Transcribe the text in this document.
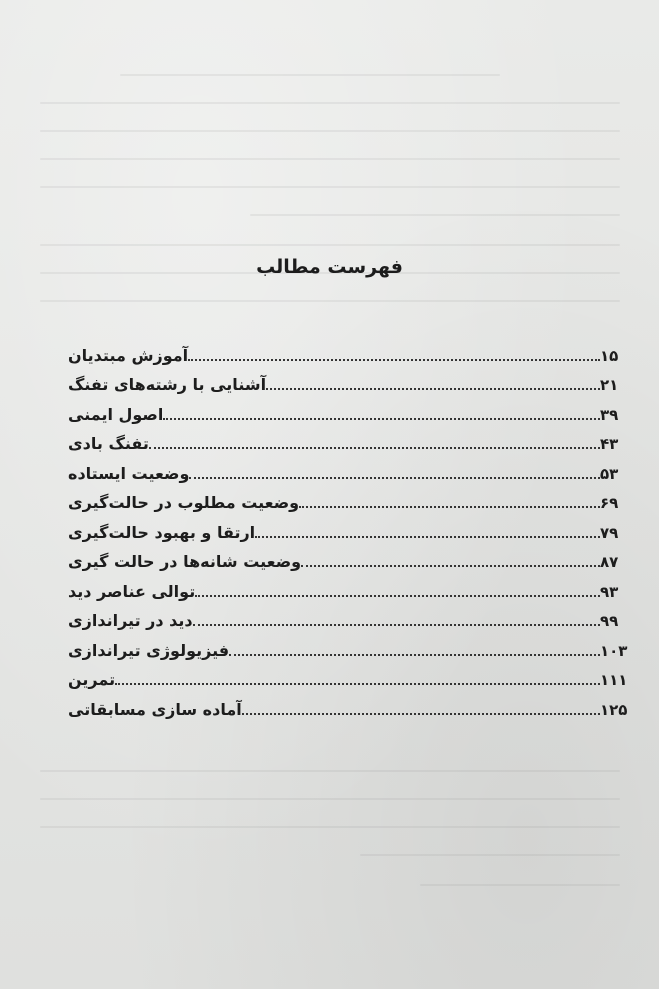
فهرست مطالب
آموزش مبتدیان	۱۵
آشنایی با رشته‌های تفنگ	۲۱
اصول ایمنی	۳۹
تفنگ بادی	۴۳
وضعیت ایستاده	۵۳
وضعیت مطلوب در حالت‌گیری	۶۹
ارتقا و بهبود حالت‌گیری	۷۹
وضعیت شانه‌ها در حالت گیری	۸۷
توالی عناصر دید	۹۳
دید در تیراندازی	۹۹
فیزیولوژی تیراندازی	۱۰۳
تمرین	۱۱۱
آماده سازی مسابقاتی	۱۲۵
